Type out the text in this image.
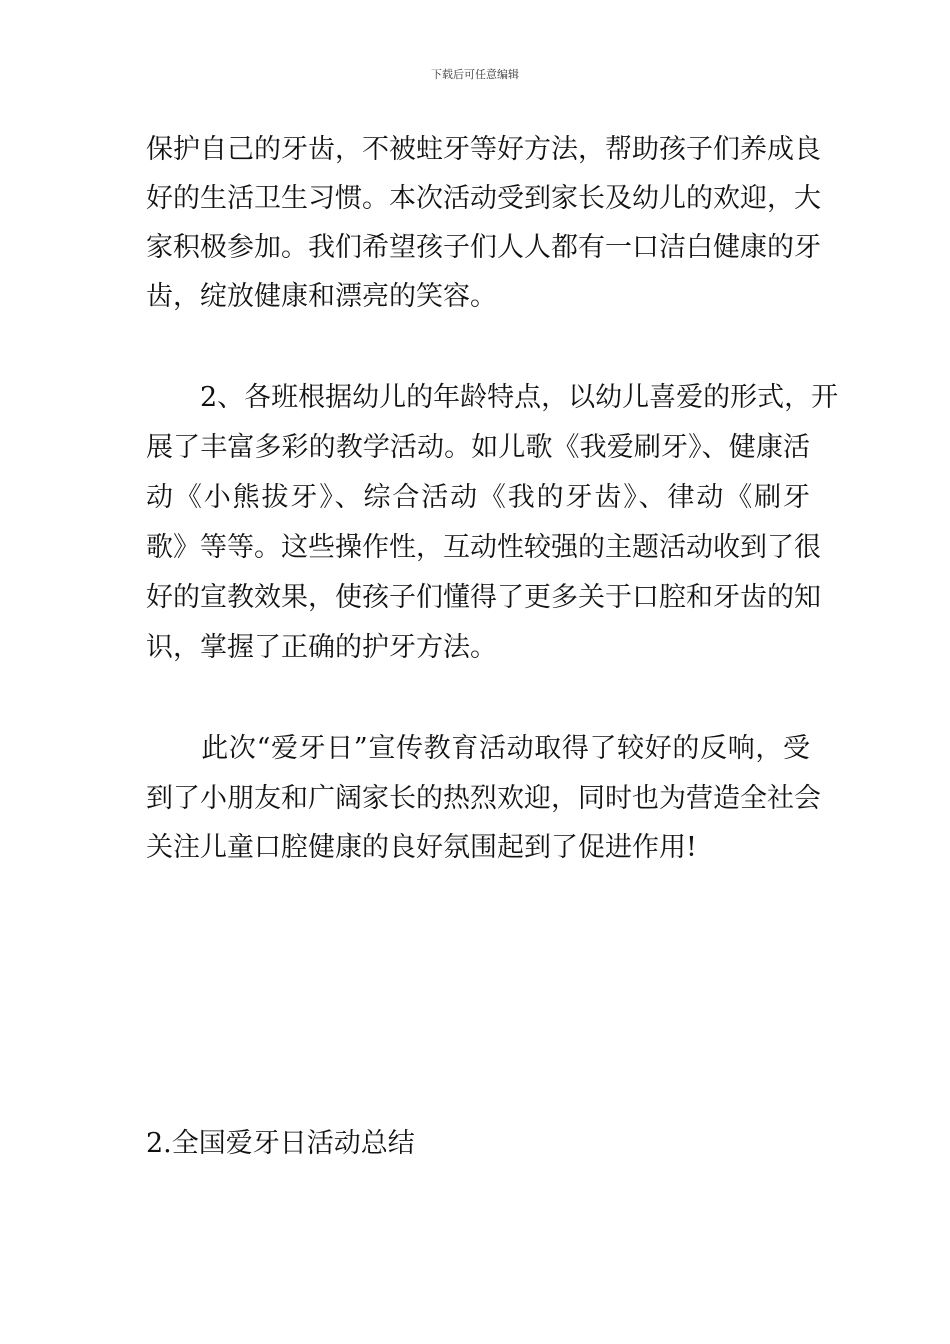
下载后可任意编辑
保护自己的牙齿，不被蛀牙等好方法，帮助孩子们养成良
好的生活卫生习惯。本次活动受到家长及幼儿的欢迎，大
家积极参加。我们希望孩子们人人都有一口洁白健康的牙
齿，绽放健康和漂亮的笑容。
　　2、各班根据幼儿的年龄特点，以幼儿喜爱的形式，开
展了丰富多彩的教学活动。如儿歌《我爱刷牙》、健康活
动《小熊拔牙》、综合活动《我的牙齿》、律动《刷牙
歌》等等。这些操作性，互动性较强的主题活动收到了很
好的宣教效果，使孩子们懂得了更多关于口腔和牙齿的知
识，掌握了正确的护牙方法。
　　此次“爱牙日”宣传教育活动取得了较好的反响，受
到了小朋友和广阔家长的热烈欢迎，同时也为营造全社会
关注儿童口腔健康的良好氛围起到了促进作用!
2.全国爱牙日活动总结
